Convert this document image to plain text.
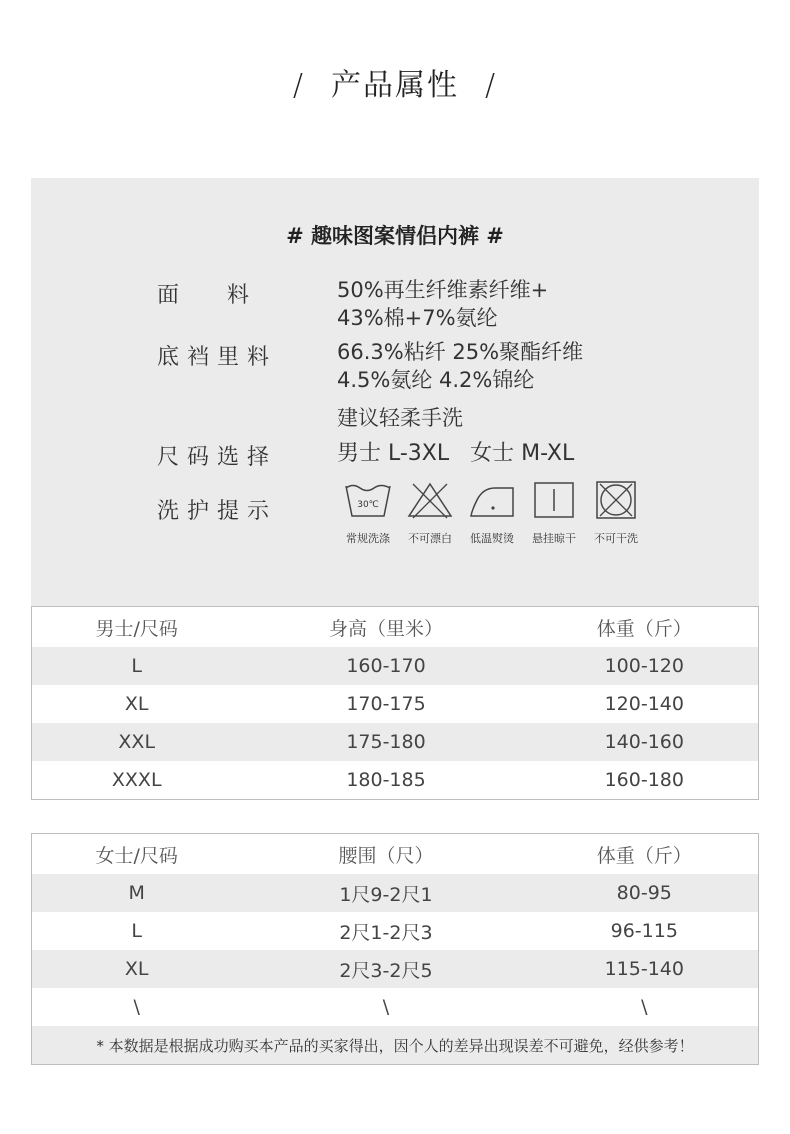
/ 产品属性 /
# 趣味图案情侣内裤 #
面    料	50%再生纤维素纤维+
43%棉+7%氨纶
底裆里料	66.3%粘纤 25%聚酯纤维
4.5%氨纶 4.2%锦纶
建议轻柔手洗
尺码选择	男士 L-3XL   女士 M-XL
洗护提示	30℃
常规洗涤	不可漂白	低温熨烫	悬挂晾干	不可干洗
男士/尺码	身高（里米）	体重（斤）
L	160-170	100-120
XL	170-175	120-140
XXL	175-180	140-160
XXXL	180-185	160-180
女士/尺码	腰围（尺）	体重（斤）
M	1尺9-2尺1	80-95
L	2尺1-2尺3	96-115
XL	2尺3-2尺5	115-140
\	\	\
* 本数据是根据成功购买本产品的买家得出，因个人的差异出现误差不可避免，经供参考！		
